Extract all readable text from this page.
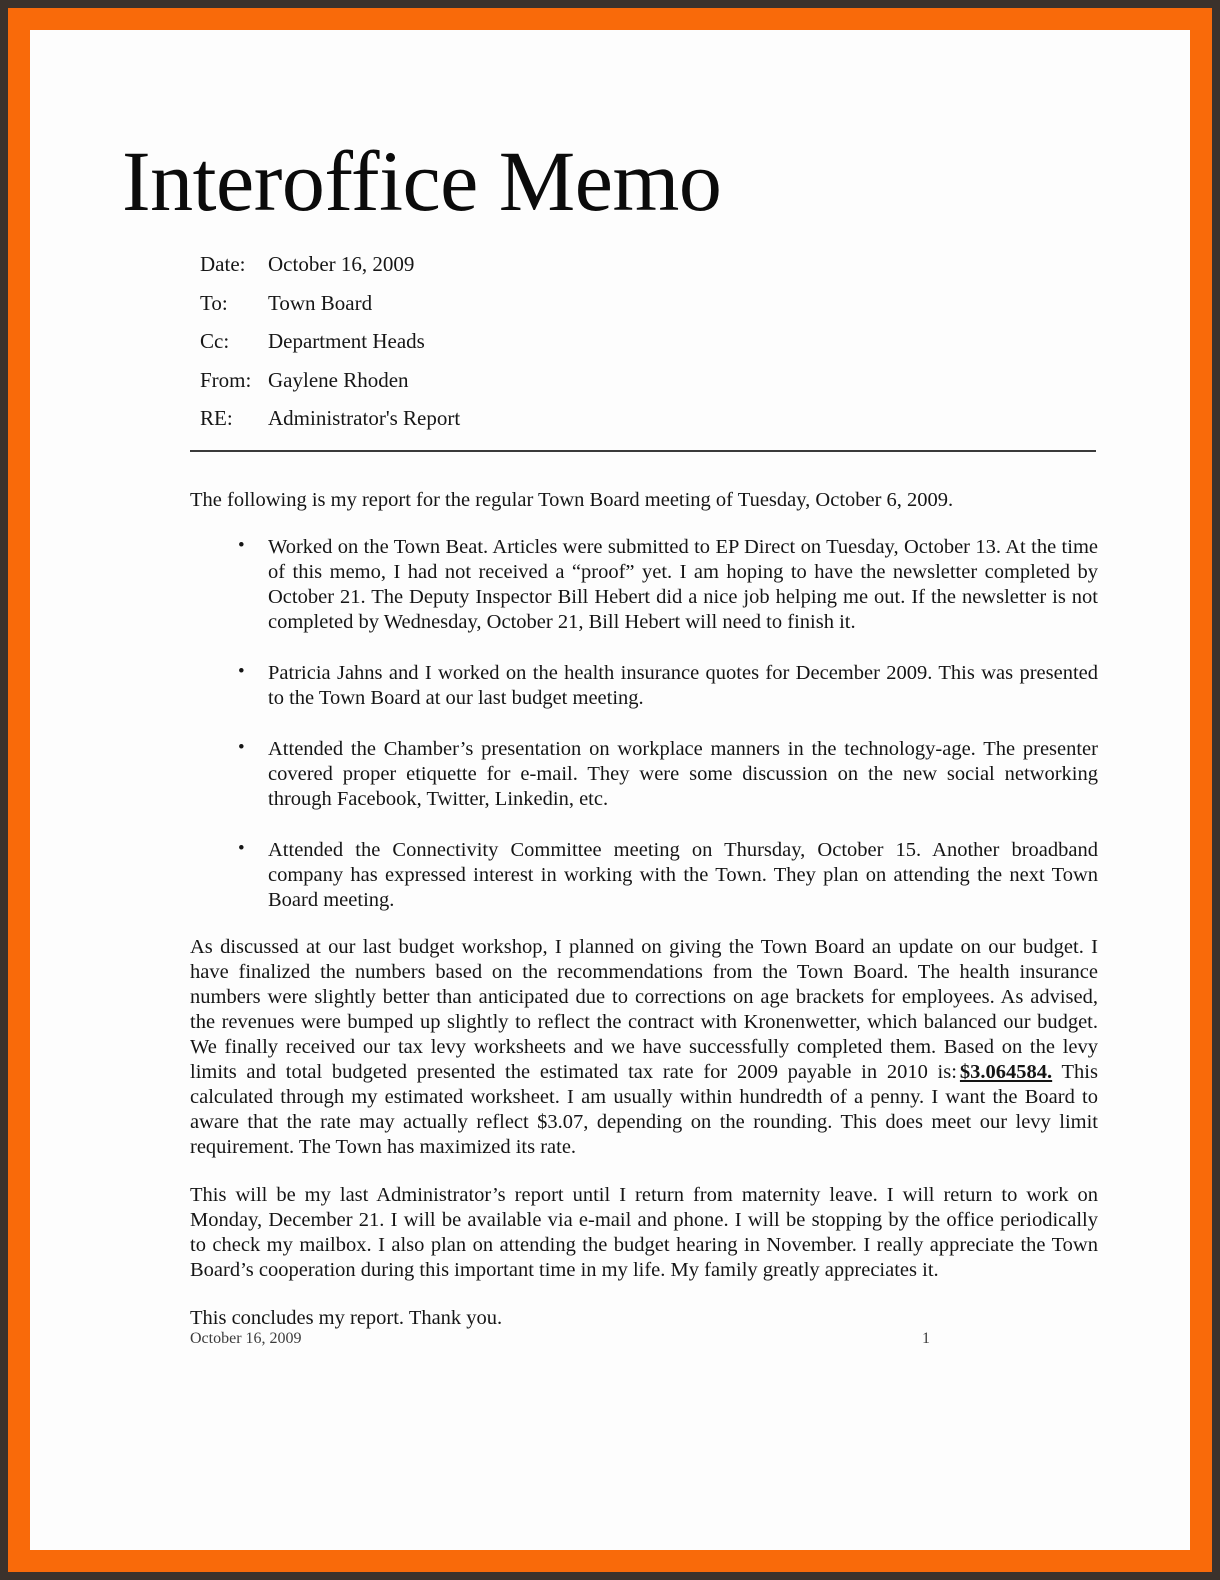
Interoffice Memo
Date:	October 16, 2009
To:	Town Board
Cc:	Department Heads
From: Gaylene Rhoden
RE:	Administrator's Report

The following is my report for the regular Town Board meeting of Tuesday, October 6, 2009.

• Worked on the Town Beat. Articles were submitted to EP Direct on Tuesday, October 13. At the time of this memo, I had not received a “proof” yet. I am hoping to have the newsletter completed by October 21. The Deputy Inspector Bill Hebert did a nice job helping me out. If the newsletter is not completed by Wednesday, October 21, Bill Hebert will need to finish it.
• Patricia Jahns and I worked on the health insurance quotes for December 2009. This was presented to the Town Board at our last budget meeting.
• Attended the Chamber’s presentation on workplace manners in the technology-age. The presenter covered proper etiquette for e-mail. They were some discussion on the new social networking through Facebook, Twitter, Linkedin, etc.
• Attended the Connectivity Committee meeting on Thursday, October 15. Another broadband company has expressed interest in working with the Town. They plan on attending the next Town Board meeting.

As discussed at our last budget workshop, I planned on giving the Town Board an update on our budget. I have finalized the numbers based on the recommendations from the Town Board. The health insurance numbers were slightly better than anticipated due to corrections on age brackets for employees. As advised, the revenues were bumped up slightly to reflect the contract with Kronenwetter, which balanced our budget. We finally received our tax levy worksheets and we have successfully completed them. Based on the levy limits and total budgeted presented the estimated tax rate for 2009 payable in 2010 is: $3.064584. This calculated through my estimated worksheet. I am usually within hundredth of a penny. I want the Board to aware that the rate may actually reflect $3.07, depending on the rounding. This does meet our levy limit requirement. The Town has maximized its rate.

This will be my last Administrator’s report until I return from maternity leave. I will return to work on Monday, December 21. I will be available via e-mail and phone. I will be stopping by the office periodically to check my mailbox. I also plan on attending the budget hearing in November. I really appreciate the Town Board’s cooperation during this important time in my life. My family greatly appreciates it.

This concludes my report. Thank you.

October 16, 2009	1
